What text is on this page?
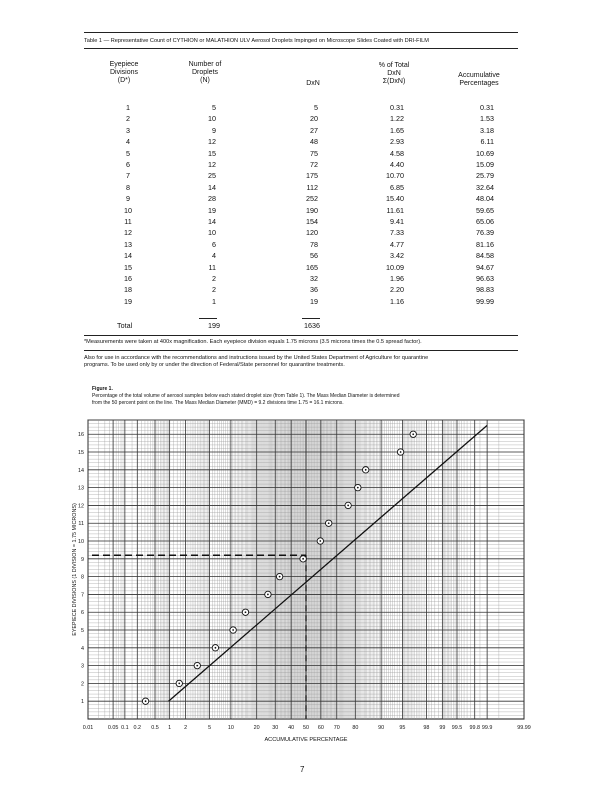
Table 1 — Representative Count of CYTHION or MALATHION ULV Aerosol Droplets Impinged on Microscope Slides Coated with DRI-FILM
Eyepiece
Divisions
(D*)
Number of
Droplets
(N)	DxN
% of Total
DxN
Σ(DxN)
Accumulative
Percentages
1	5	5	0.31	0.31
2	10	20	1.22	1.53
3	9	27	1.65	3.18
4	12	48	2.93	6.11
5	15	75	4.58	10.69
6	12	72	4.40	15.09
7	25	175	10.70	25.79
8	14	112	6.85	32.64
9	28	252	15.40	48.04
10	19	190	11.61	59.65
11	14	154	9.41	65.06
12	10	120	7.33	76.39
13	6	78	4.77	81.16
14	4	56	3.42	84.58
15	11	165	10.09	94.67
16	2	32	1.96	96.63
18	2	36	2.20	98.83
19	1	19	1.16	99.99
Total	199	1636
*Measurements were taken at 400x magnification. Each eyepiece division equals 1.75 microns (3.5 microns times the 0.5 spread factor).
Also for use in accordance with the recommendations and instructions issued by the United States Department of Agriculture for quarantine
programs. To be used only by or under the direction of Federal/State personnel for quarantine treatments.
Figure 1.
Percentage of the total volume of aerosol samples below each stated droplet size (from Table 1). The Mass Median Diameter is determined
from the 50 percent point on the line. The Mass Median Diameter (MMD) = 9.2 divisions time 1.75 = 16.1 microns.
0.01	0.05 0.1 0.2 0.5 1 2	5	10	20 30 40 50 60 70 80	90	95	98 99 99.5 99.8 99.9	99.99
1
2
3
4
5
6
7
8
9
10
11
12
13
14
15
16
ACCUMULATIVE PERCENTAGE
EYEPIECE DIVISIONS (1 DIVISION = 1.75 MICRONS)
7
